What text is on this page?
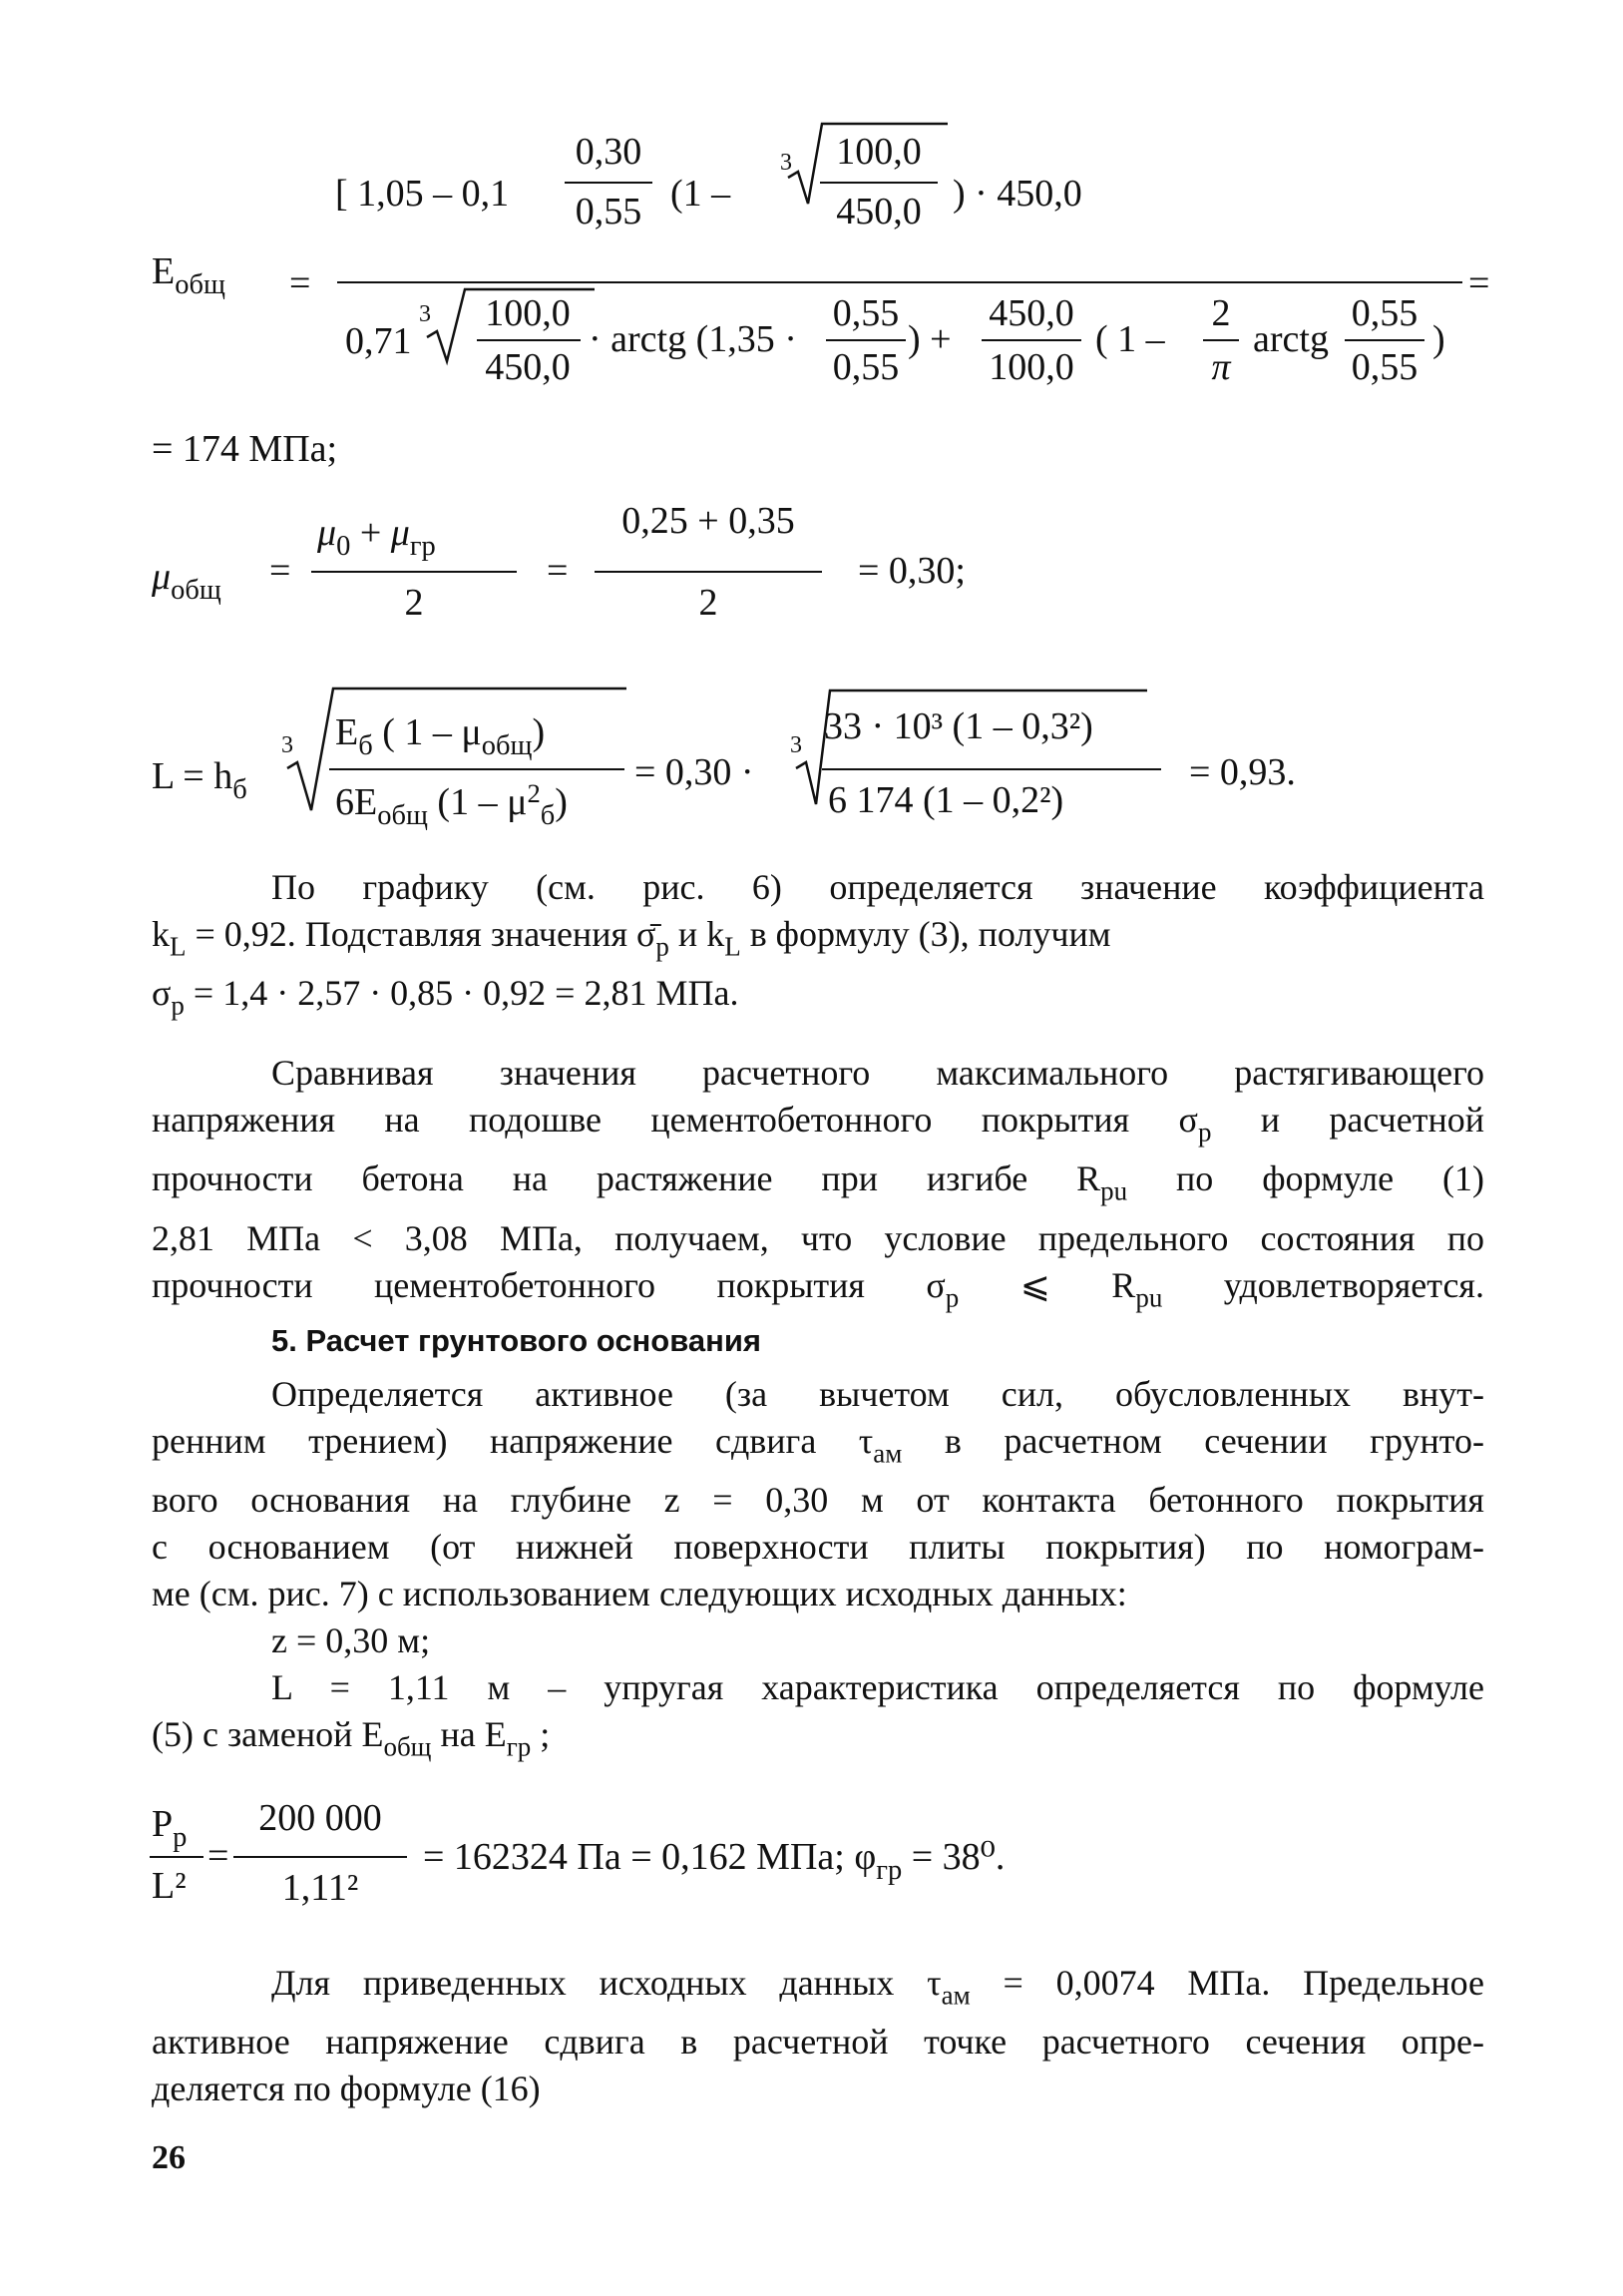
[ 1,05 – 0,1
0,30
0,55 (1 –
3	100,0
450,0 ) · 450,0
$E_{общ}$ =	=
0,71
3	100,0
450,0
· arctg (1,35 ·
0,55
0,55
) +
450,0
100,0
( 1 –
2
π
arctg
0,55
0,55
)
= 174 МПа;
$\mu_{общ}$ =
$\mu_0 + \mu_{гр}$
2
=
0,25 + 0,35
2
= 0,30;
$L = h_б$
3 $E_б$ ( $1 - \mu_{общ}$)
$6E_{общ}$ $(1 - \mu^2_б)$
= 0,30 ·
3 33 · 10³ (1 – 0,3²)
6 174 (1 – 0,2²)
= 0,93.
По графику (см. рис. 6) определяется значение коэффициента
$k_L = 0,92$. Подставляя значения $\sigmā_р$ и $k_L$ в формулу (3), получим
$\sigma_р = 1,4 \cdot 2,57 \cdot 0,85 \cdot 0,92 = 2,81$ МПа.
Сравнивая значения расчетного максимального растягивающего
напряжения на подошве цементобетонного покрытия $\sigma_р$ и расчетной
прочности бетона на растяжение при изгибе $R_{pu}$ по формуле (1)
2,81 МПа < 3,08 МПа, получаем, что условие предельного состояния по
прочности цементобетонного покрытия $\sigma_р$ ⩽ $R_{pu}$ удовлетворяется.
5. Расчет грунтового основания
Определяется активное (за вычетом сил, обусловленных внут-
ренним трением) напряжение сдвига $\tau_{ам}$ в расчетном сечении грунто-
вого основания на глубине z = 0,30 м от контакта бетонного покрытия
с основанием (от нижней поверхности плиты покрытия) по номограм-
ме (см. рис. 7) с использованием следующих исходных данных:
z = 0,30 м;
L = 1,11 м – упругая характеристика определяется по формуле
(5) с заменой $E_{общ}$ на $E_{гр}$ ;
$P_p$
L²
=
200 000
1,11²
= 162324 Па = 0,162 МПа; $\varphi_{гр} = 38^0$.
Для приведенных исходных данных $\tau_{ам} = 0,0074$ МПа. Предельное
активное напряжение сдвига в расчетной точке расчетного сечения опре-
деляется по формуле (16)
26
